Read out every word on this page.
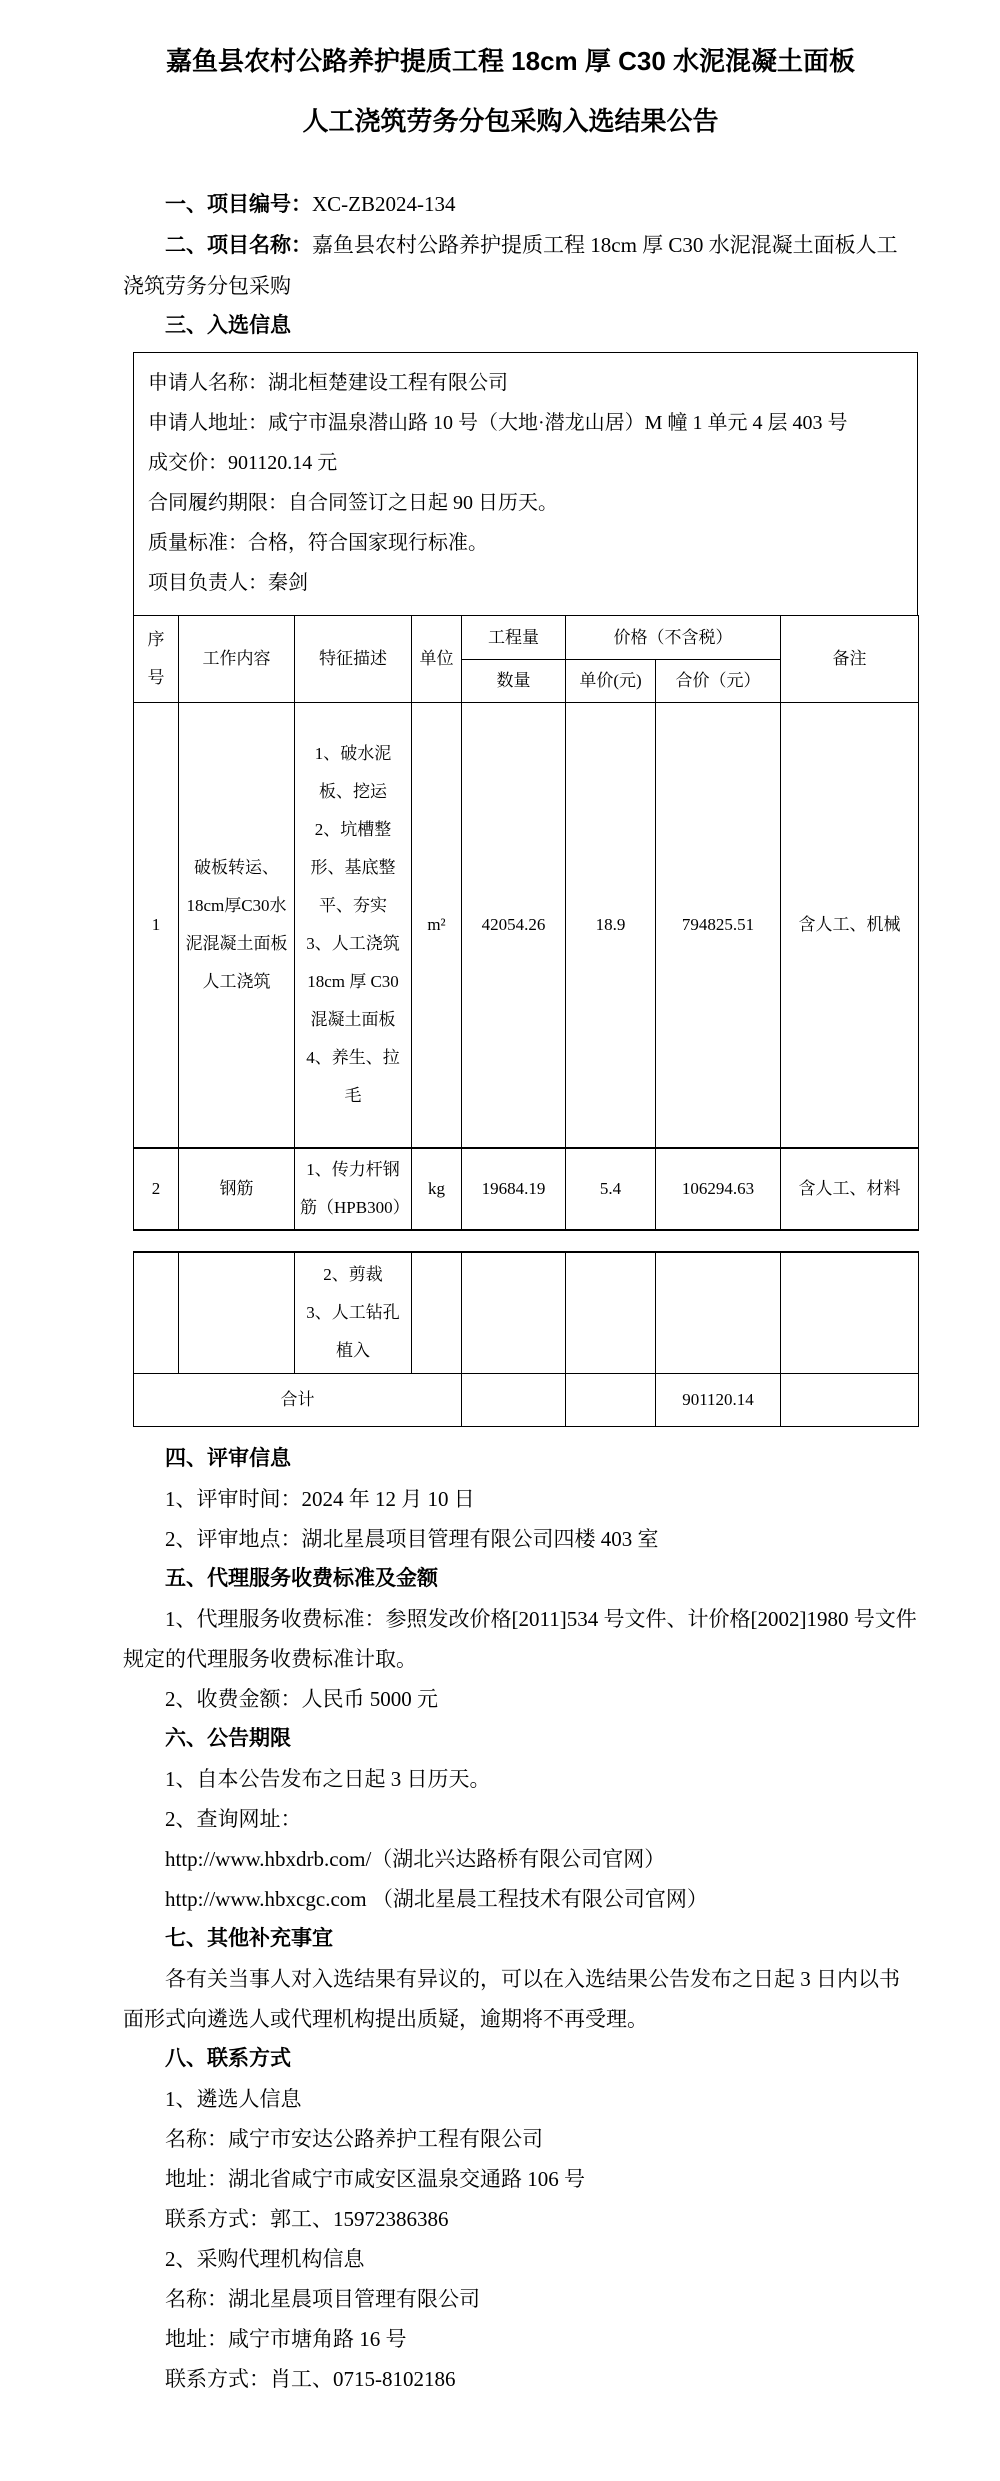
嘉鱼县农村公路养护提质工程 18cm 厚 C30 水泥混凝土面板
人工浇筑劳务分包采购入选结果公告

一、项目编号：XC-ZB2024-134

二、项目名称：嘉鱼县农村公路养护提质工程 18cm 厚 C30 水泥混凝土面板人工浇筑劳务分包采购

三、入选信息

申请人名称：湖北桓楚建设工程有限公司

申请人地址：咸宁市温泉潜山路 10 号（大地·潜龙山居）M 幢 1 单元 4 层 403 号

成交价：901120.14 元

合同履约期限：自合同签订之日起 90 日历天。

质量标准：合格，符合国家现行标准。

项目负责人：秦剑

序号	工作内容	特征描述	单位	工程量	价格（不含税）		备注
				数量	单价(元)	合价（元）	
1	破板转运、18cm厚C30水泥混凝土面板人工浇筑	1、破水泥板、挖运
2、坑槽整形、基底整平、夯实
3、人工浇筑 18cm 厚 C30 混凝土面板
4、养生、拉毛	m²	42054.26	18.9	794825.51	含人工、机械
2	钢筋	1、传力杆钢筋（HPB300）	kg	19684.19	5.4	106294.63	含人工、材料

		2、剪裁
3、人工钻孔植入					

合计						901120.14	

四、评审信息

1、评审时间：2024 年 12 月 10 日

2、评审地点：湖北星晨项目管理有限公司四楼 403 室

五、代理服务收费标准及金额

1、代理服务收费标准：参照发改价格[2011]534 号文件、计价格[2002]1980 号文件规定的代理服务收费标准计取。

2、收费金额：人民币 5000 元

六、公告期限

1、自本公告发布之日起 3 日历天。

2、查询网址：

http://www.hbxdrb.com/（湖北兴达路桥有限公司官网）

http://www.hbxcgc.com （湖北星晨工程技术有限公司官网）

七、其他补充事宜

各有关当事人对入选结果有异议的，可以在入选结果公告发布之日起 3 日内以书面形式向遴选人或代理机构提出质疑，逾期将不再受理。

八、联系方式

1、遴选人信息

名称：咸宁市安达公路养护工程有限公司

地址：湖北省咸宁市咸安区温泉交通路 106 号

联系方式：郭工、15972386386

2、采购代理机构信息

名称：湖北星晨项目管理有限公司

地址：咸宁市塘角路 16 号

联系方式：肖工、0715-8102186
